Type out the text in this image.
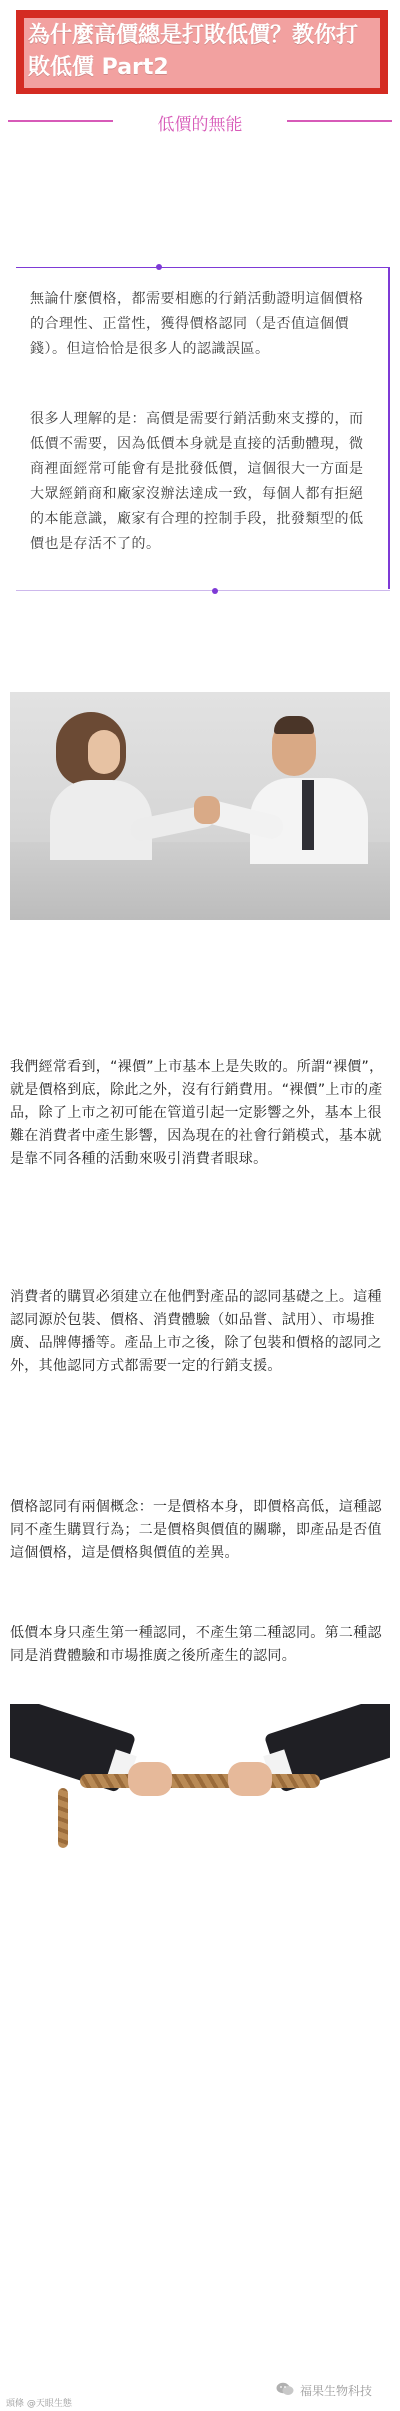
為什麼高價總是打敗低價？教你打
敗低價 Part2
低價的無能
無論什麼價格，都需要相應的行銷活動證明這個價格的合理性、正當性，獲得價格認同（是否值這個價錢）。但這恰恰是很多人的認識誤區。
很多人理解的是：高價是需要行銷活動來支撐的，而低價不需要，因為低價本身就是直接的活動體現，微商裡面經常可能會有是批發低價，這個很大一方面是大眾經銷商和廠家沒辦法達成一致，每個人都有拒絕的本能意識，廠家有合理的控制手段，批發類型的低價也是存活不了的。
我們經常看到，“裸價”上市基本上是失敗的。所謂“裸價”，就是價格到底，除此之外，沒有行銷費用。“裸價”上市的產品，除了上市之初可能在管道引起一定影響之外，基本上很難在消費者中產生影響，因為現在的社會行銷模式，基本就是靠不同各種的活動來吸引消費者眼球。
消費者的購買必須建立在他們對產品的認同基礎之上。這種認同源於包裝、價格、消費體驗（如品嘗、試用）、市場推廣、品牌傳播等。產品上市之後，除了包裝和價格的認同之外，其他認同方式都需要一定的行銷支援。
價格認同有兩個概念：一是價格本身，即價格高低，這種認同不產生購買行為；二是價格與價值的關聯，即產品是否值這個價格，這是價格與價值的差異。
低價本身只產生第一種認同，不產生第二種認同。第二種認同是消費體驗和市場推廣之後所產生的認同。
頭條 @天眼生態
福果生物科技
